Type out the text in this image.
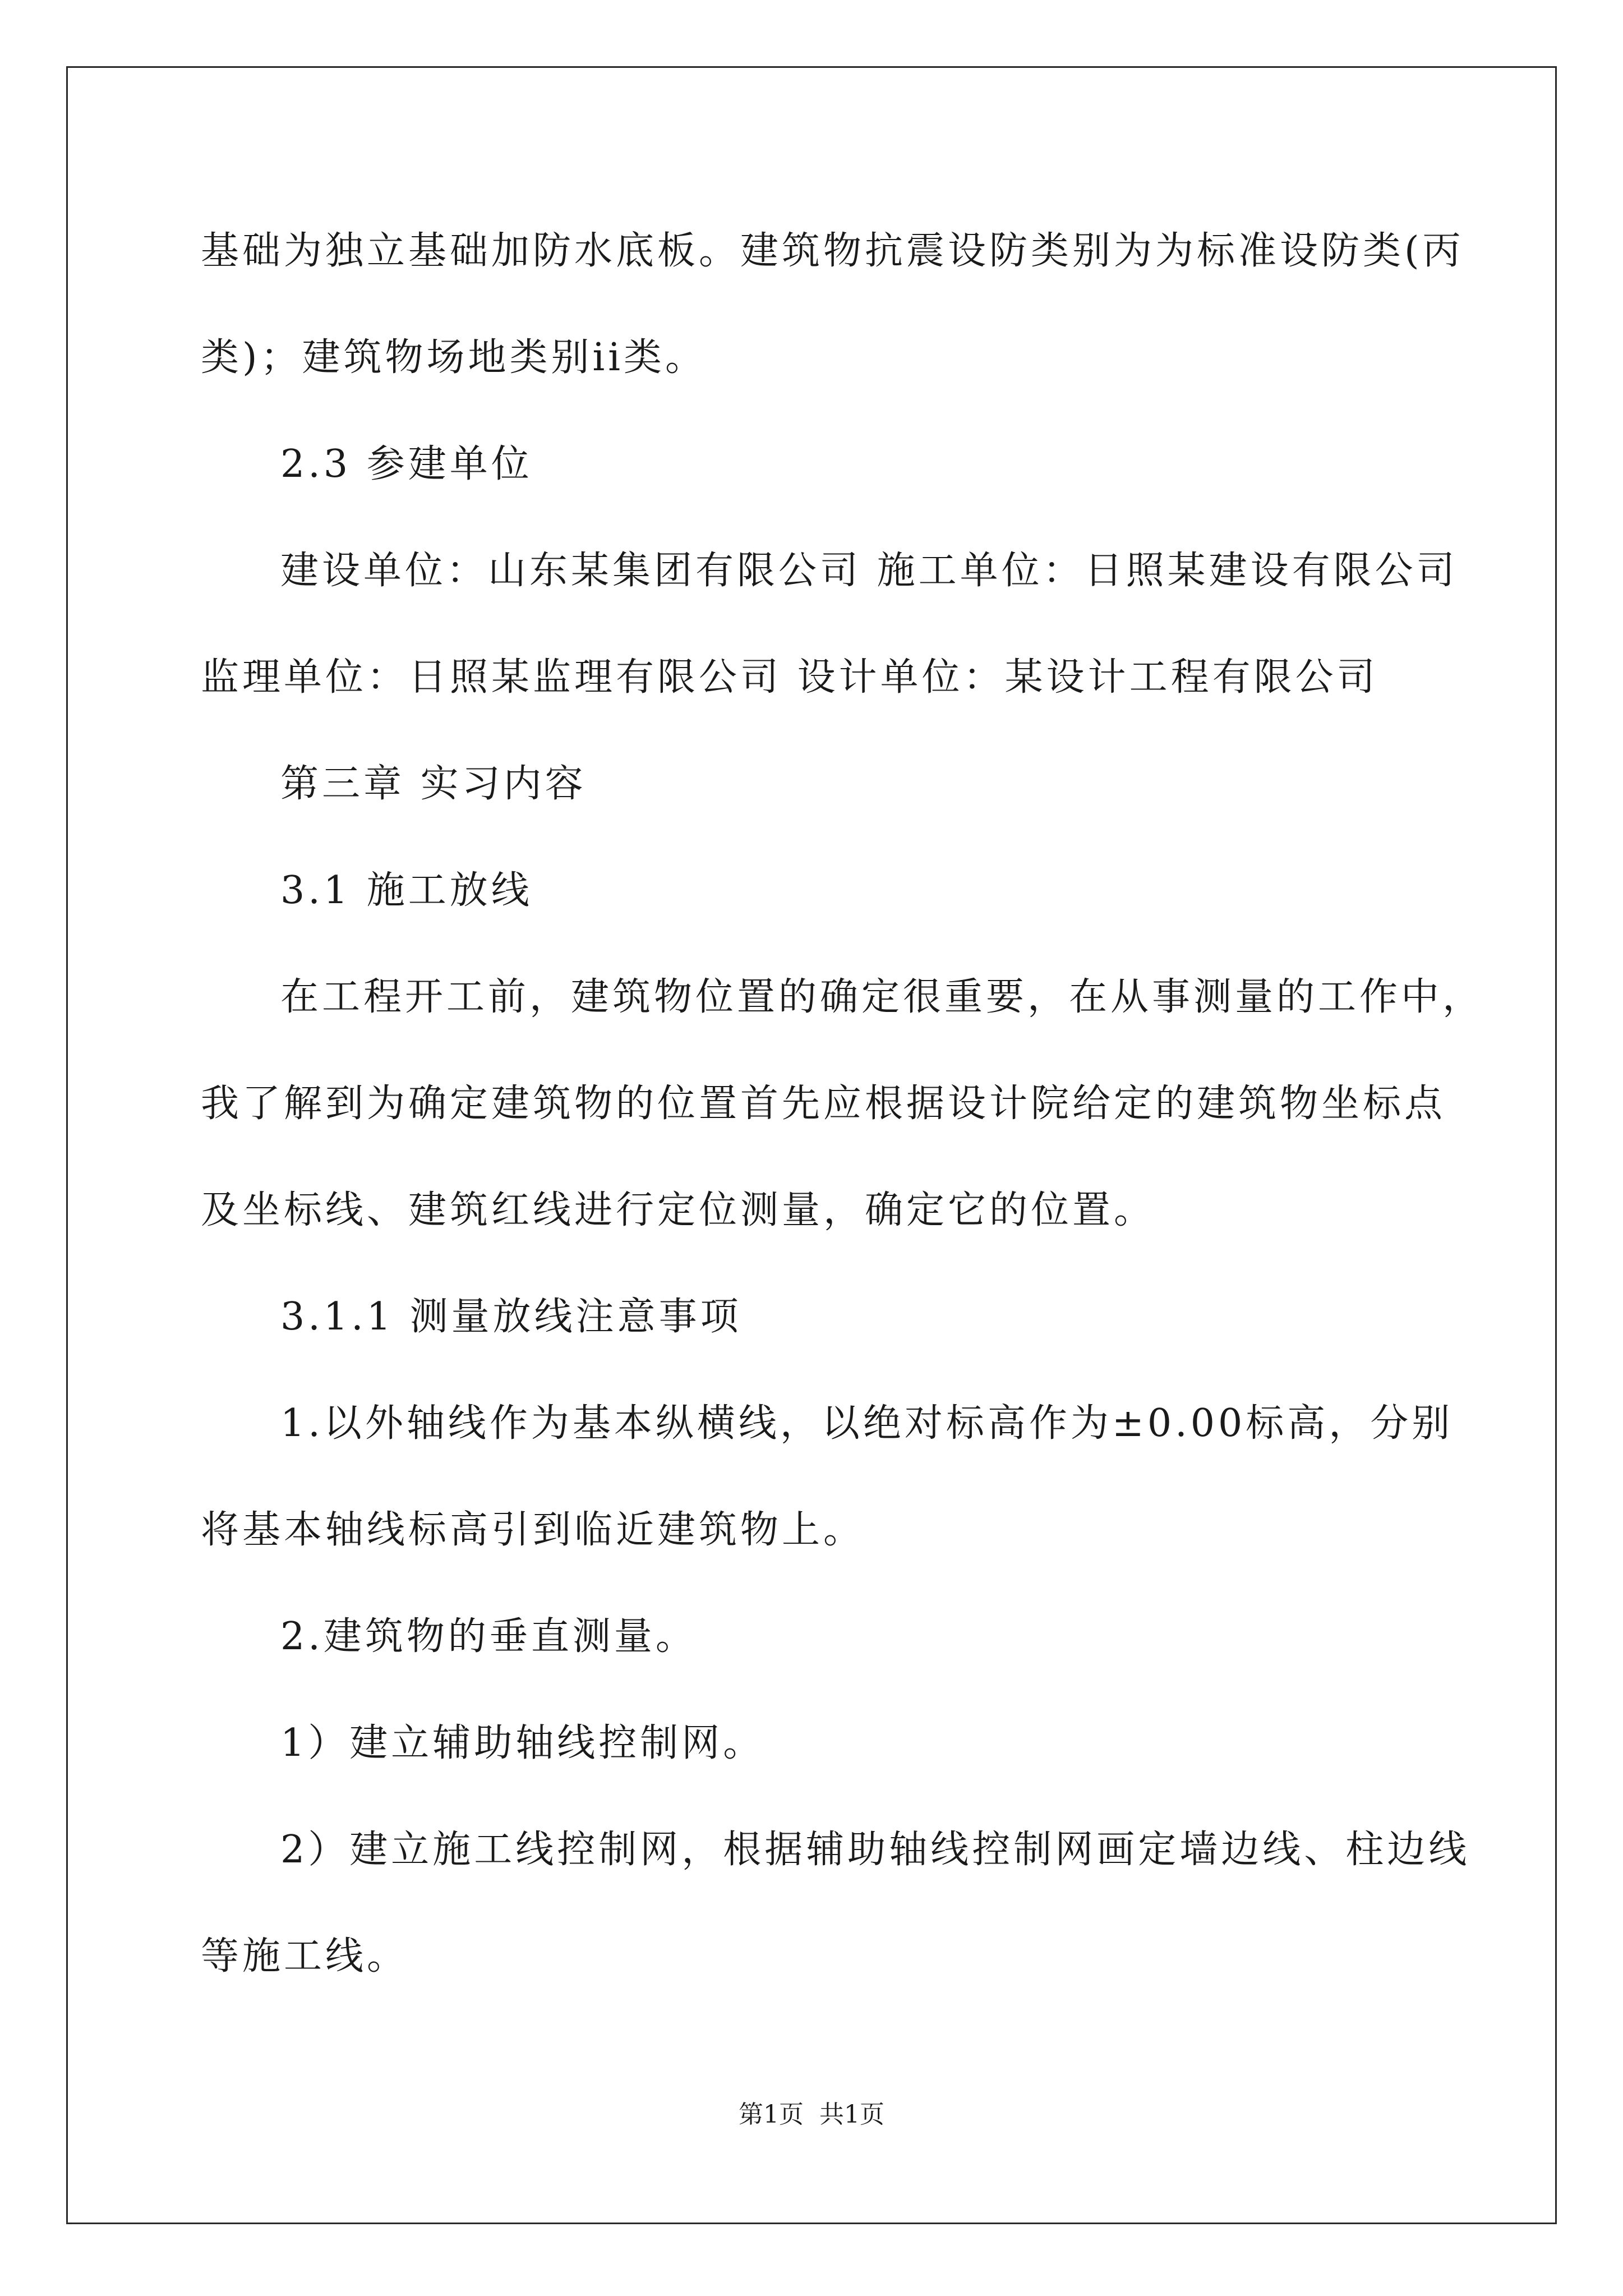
基础为独立基础加防水底板。建筑物抗震设防类别为为标准设防类(丙
类)；建筑物场地类别ii类。
2.3 参建单位
建设单位：山东某集团有限公司 施工单位：日照某建设有限公司
监理单位：日照某监理有限公司 设计单位：某设计工程有限公司
第三章 实习内容
3.1 施工放线
在工程开工前，建筑物位置的确定很重要，在从事测量的工作中，
我了解到为确定建筑物的位置首先应根据设计院给定的建筑物坐标点
及坐标线、建筑红线进行定位测量，确定它的位置。
3.1.1 测量放线注意事项
1.以外轴线作为基本纵横线，以绝对标高作为±0.00标高，分别
将基本轴线标高引到临近建筑物上。
2.建筑物的垂直测量。
1）建立辅助轴线控制网。
2）建立施工线控制网，根据辅助轴线控制网画定墙边线、柱边线
等施工线。
第1页 共1页
